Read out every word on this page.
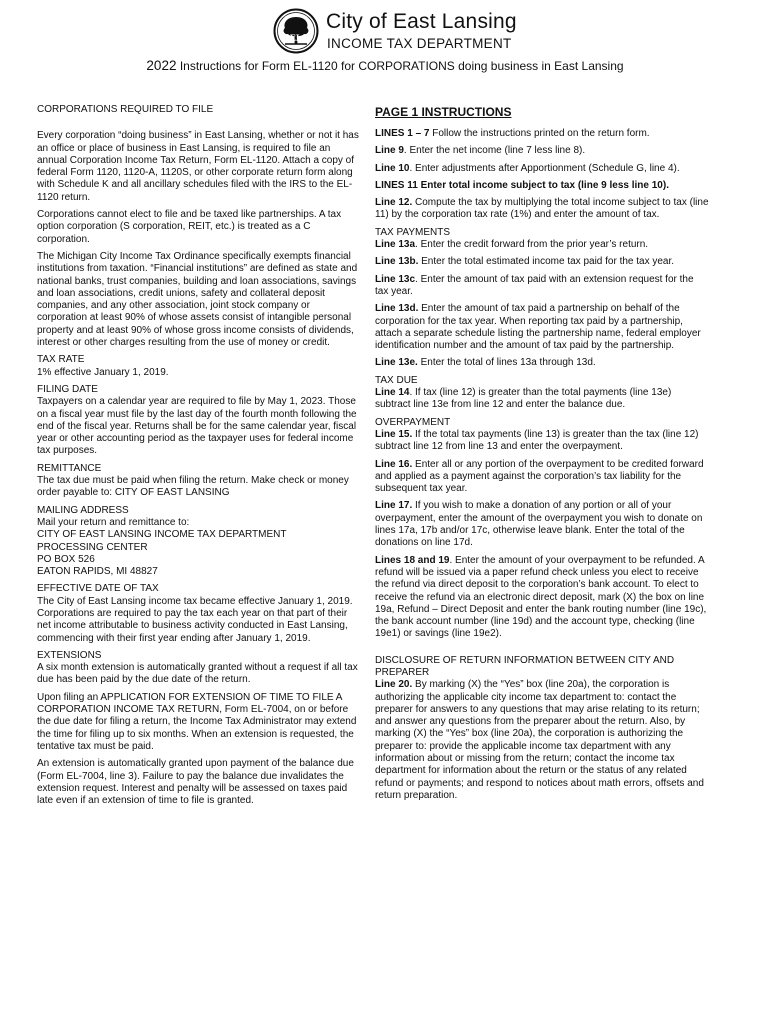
EL
City of East Lansing
INCOME TAX DEPARTMENT
2022 Instructions for Form EL-1120 for CORPORATIONS doing business in East Lansing

CORPORATIONS REQUIRED TO FILE

Every corporation “doing business” in East Lansing, whether or not it has an office or place of business in East Lansing, is required to file an annual Corporation Income Tax Return, Form EL-1120. Attach a copy of federal Form 1120, 1120-A, 1120S, or other corporate return form along with Schedule K and all ancillary schedules filed with the IRS to the EL-1120 return.

Corporations cannot elect to file and be taxed like partnerships. A tax option corporation (S corporation, REIT, etc.) is treated as a C corporation.

The Michigan City Income Tax Ordinance specifically exempts financial institutions from taxation. “Financial institutions” are defined as state and national banks, trust companies, building and loan associations, savings and loan associations, credit unions, safety and collateral deposit companies, and any other association, joint stock company or corporation at least 90% of whose assets consist of intangible personal property and at least 90% of whose gross income consists of dividends, interest or other charges resulting from the use of money or credit.

TAX RATE

1% effective January 1, 2019.

FILING DATE

Taxpayers on a calendar year are required to file by May 1, 2023. Those on a fiscal year must file by the last day of the fourth month following the end of the fiscal year. Returns shall be for the same calendar year, fiscal year or other accounting period as the taxpayer uses for federal income tax purposes.

REMITTANCE

The tax due must be paid when filing the return. Make check or money

order payable to: CITY OF EAST LANSING

MAILING ADDRESS

Mail your return and remittance to:

CITY OF EAST LANSING INCOME TAX DEPARTMENT

PROCESSING CENTER

PO BOX 526

EATON RAPIDS, MI 48827

EFFECTIVE DATE OF TAX

The City of East Lansing income tax became effective January 1, 2019. Corporations are required to pay the tax each year on that part of their net income attributable to business activity conducted in East Lansing, commencing with their first year ending after January 1, 2019.

EXTENSIONS

A six month extension is automatically granted without a request if all tax due has been paid by the due date of the return.

Upon filing an APPLICATION FOR EXTENSION OF TIME TO FILE A CORPORATION INCOME TAX RETURN, Form EL-7004, on or before the due date for filing a return, the Income Tax Administrator may extend the time for filing up to six months. When an extension is requested, the tentative tax must be paid.

An extension is automatically granted upon payment of the balance due (Form EL-7004, line 3). Failure to pay the balance due invalidates the extension request. Interest and penalty will be assessed on taxes paid late even if an extension of time to file is granted.

PAGE 1 INSTRUCTIONS

LINES 1 – 7 Follow the instructions printed on the return form.

Line 9. Enter the net income (line 7 less line 8).

Line 10. Enter adjustments after Apportionment (Schedule G, line 4).

LINES 11 Enter total income subject to tax (line 9 less line 10).

Line 12. Compute the tax by multiplying the total income subject to tax (line 11) by the corporation tax rate (1%) and enter the amount of tax.

TAX PAYMENTS

Line 13a. Enter the credit forward from the prior year’s return.

Line 13b. Enter the total estimated income tax paid for the tax year.

Line 13c. Enter the amount of tax paid with an extension request for the tax year.

Line 13d. Enter the amount of tax paid a partnership on behalf of the corporation for the tax year. When reporting tax paid by a partnership, attach a separate schedule listing the partnership name, federal employer identification number and the amount of tax paid by the partnership.

Line 13e. Enter the total of lines 13a through 13d.

TAX DUE

Line 14. If tax (line 12) is greater than the total payments (line 13e) subtract line 13e from line 12 and enter the balance due.

OVERPAYMENT

Line 15. If the total tax payments (line 13) is greater than the tax (line 12) subtract line 12 from line 13 and enter the overpayment.

Line 16. Enter all or any portion of the overpayment to be credited forward and applied as a payment against the corporation’s tax liability for the subsequent tax year.

Line 17. If you wish to make a donation of any portion or all of your overpayment, enter the amount of the overpayment you wish to donate on lines 17a, 17b and/or 17c, otherwise leave blank. Enter the total of the donations on line 17d.

Lines 18 and 19. Enter the amount of your overpayment to be refunded. A refund will be issued via a paper refund check unless you elect to receive the refund via direct deposit to the corporation’s bank account. To elect to receive the refund via an electronic direct deposit, mark (X) the box on line 19a, Refund – Direct Deposit and enter the bank routing number (line 19c), the bank account number (line 19d) and the account type, checking (line 19e1) or savings (line 19e2).

DISCLOSURE OF RETURN INFORMATION BETWEEN CITY AND PREPARER

Line 20. By marking (X) the “Yes” box (line 20a), the corporation is authorizing the applicable city income tax department to: contact the preparer for answers to any questions that may arise relating to its return; and answer any questions from the preparer about the return. Also, by marking (X) the “Yes” box (line 20a), the corporation is authorizing the preparer to: provide the applicable income tax department with any information about or missing from the return; contact the income tax department for information about the return or the status of any related refund or payments; and respond to notices about math errors, offsets and return preparation.
